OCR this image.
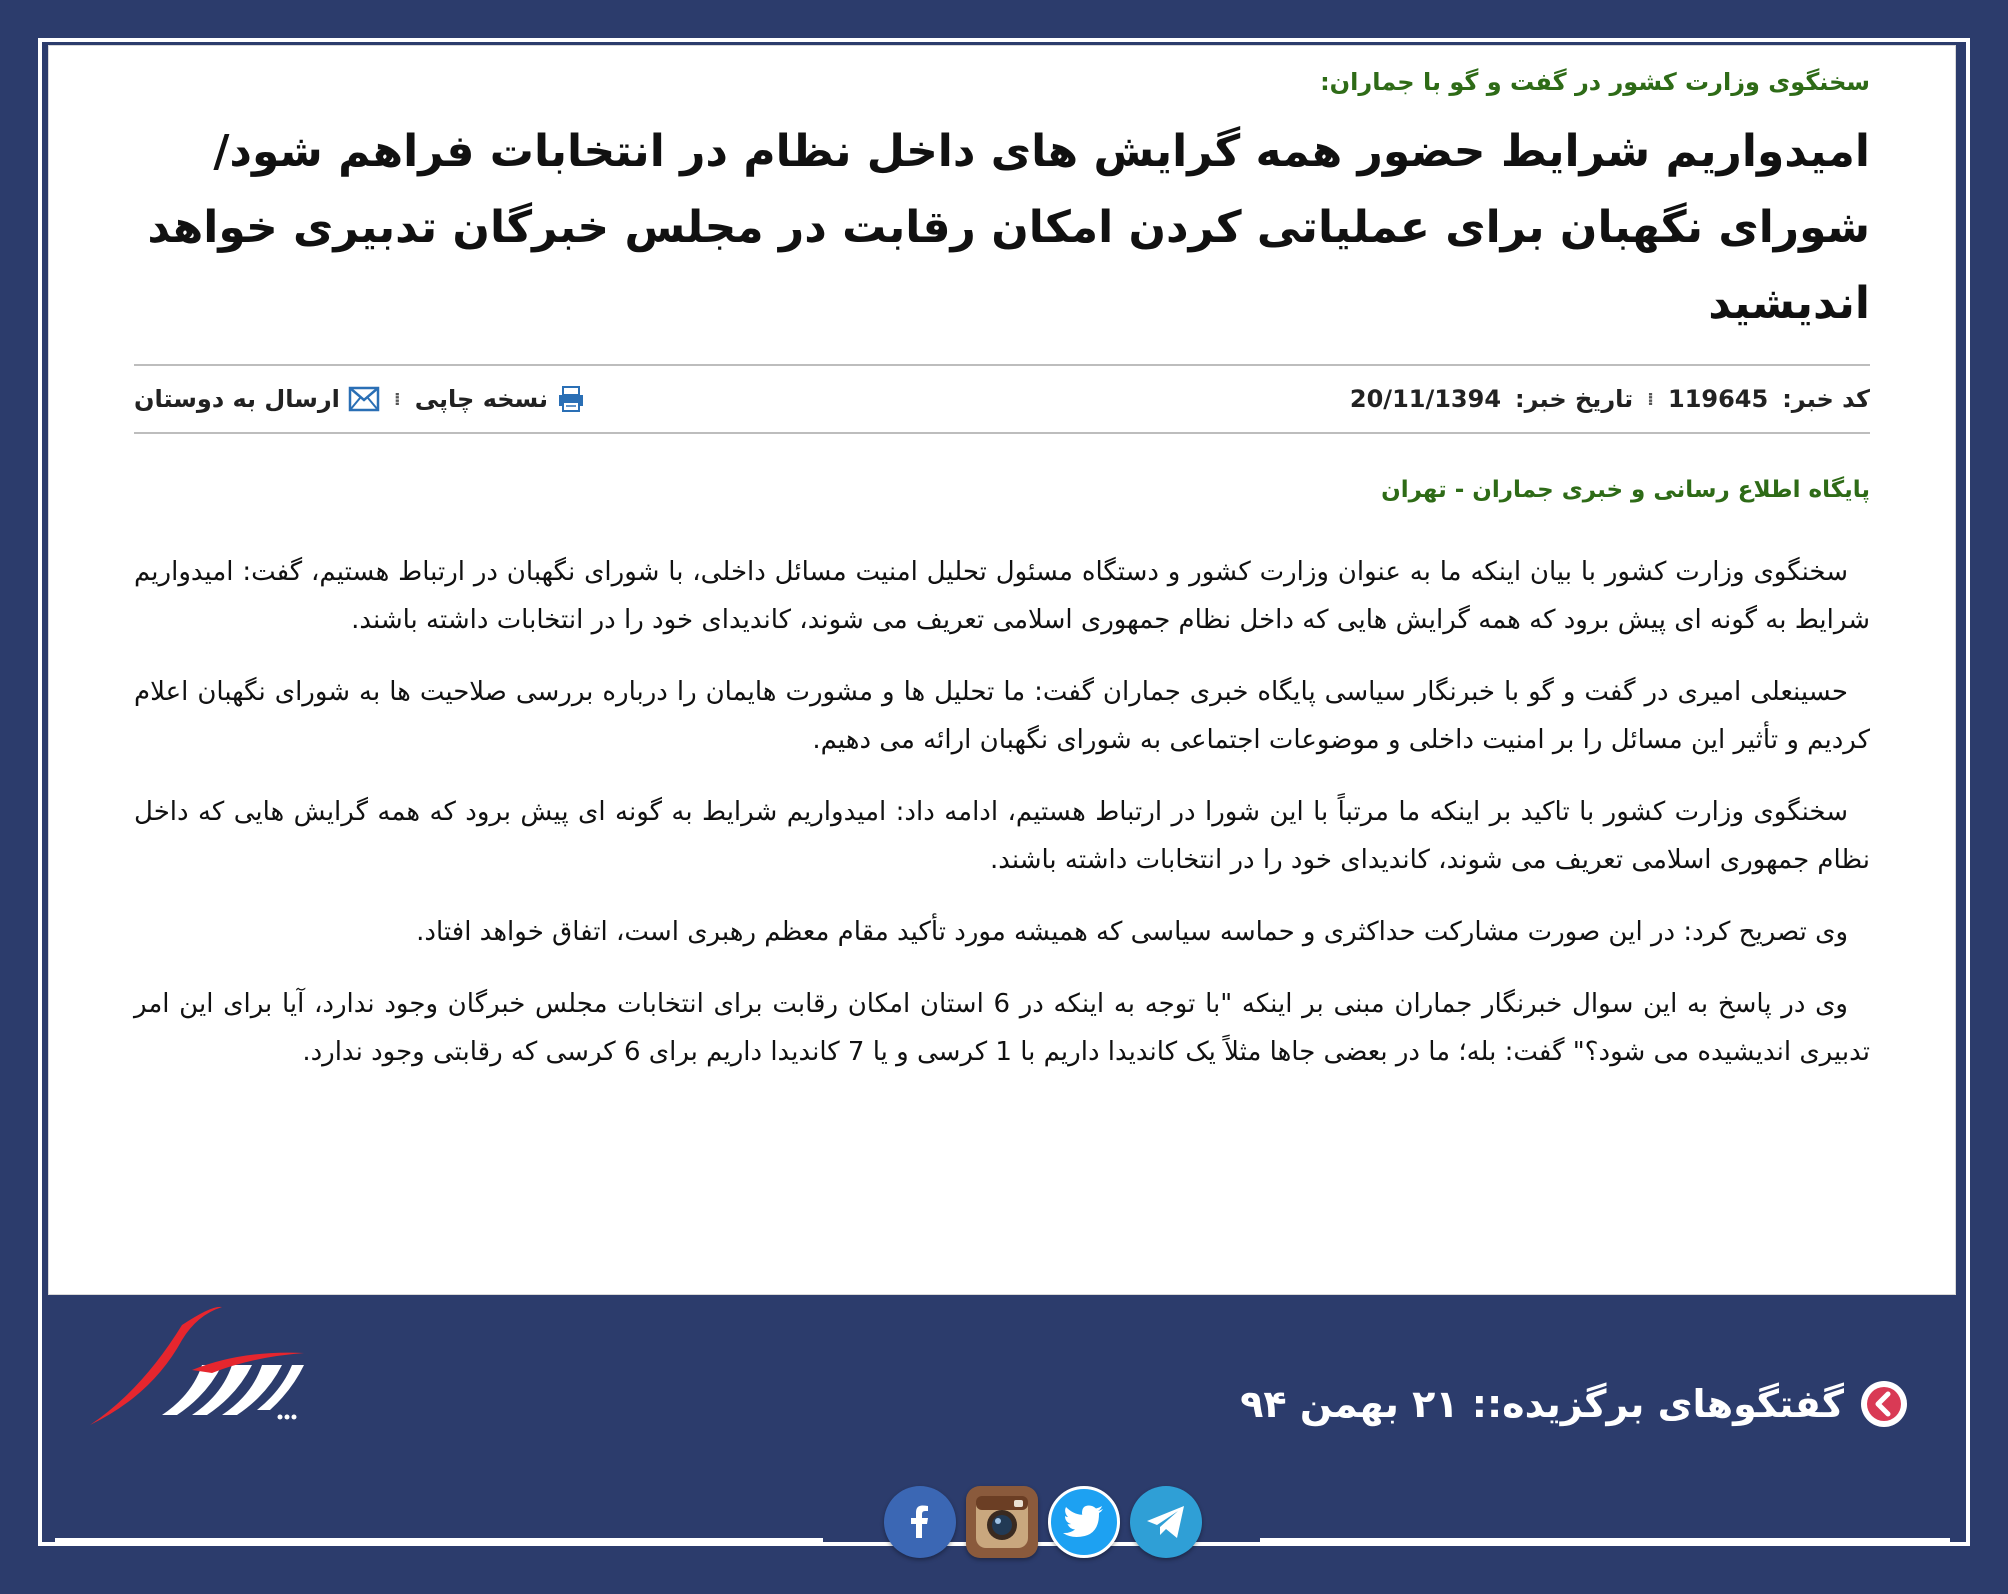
سخنگوی وزارت کشور در گفت و گو با جماران:
امیدواریم شرایط حضور همه گرایش های داخل نظام در انتخابات فراهم شود/ شورای نگهبان برای عملیاتی کردن امکان رقابت در مجلس خبرگان تدبیری خواهد اندیشید
کد خبر:
119645
⁞
تاریخ خبر:
20/11/1394
نسخه چاپی
⁞
ارسال به دوستان
پایگاه اطلاع رسانی و خبری جماران - تهران

سخنگوی وزارت کشور با بیان اینکه ما به عنوان وزارت کشور و دستگاه مسئول تحلیل امنیت مسائل داخلی، با شورای نگهبان در ارتباط هستیم، گفت: امیدواریم شرایط به گونه ای پیش برود که همه گرایش هایی که داخل نظام جمهوری اسلامی تعریف می شوند، کاندیدای خود را در انتخابات داشته باشند.

حسینعلی امیری در گفت و گو با خبرنگار سیاسی پایگاه خبری جماران گفت: ما تحلیل ها و مشورت هایمان را درباره بررسی صلاحیت ها به شورای نگهبان اعلام کردیم و تأثیر این مسائل را بر امنیت داخلی و موضوعات اجتماعی به شورای نگهبان ارائه می دهیم.

سخنگوی وزارت کشور با تاکید بر اینکه ما مرتباً با این شورا در ارتباط هستیم، ادامه داد: امیدواریم شرایط به گونه ای پیش برود که همه گرایش هایی که داخل نظام جمهوری اسلامی تعریف می شوند، کاندیدای خود را در انتخابات داشته باشند.

وی تصریح کرد: در این صورت مشارکت حداکثری و حماسه سیاسی که همیشه مورد تأکید مقام معظم رهبری است، اتفاق خواهد افتاد.

وی در پاسخ به این سوال خبرنگار جماران مبنی بر اینکه "با توجه به اینکه در 6 استان امکان رقابت برای انتخابات مجلس خبرگان وجود ندارد، آیا برای این امر تدبیری اندیشیده می شود؟" گفت: بله؛ ما در بعضی جاها مثلاً یک کاندیدا داریم با 1 کرسی و یا 7 کاندیدا داریم برای 6 کرسی که رقابتی وجود ندارد.

گفتگوهای برگزیده:: ۲۱ بهمن ۹۴
